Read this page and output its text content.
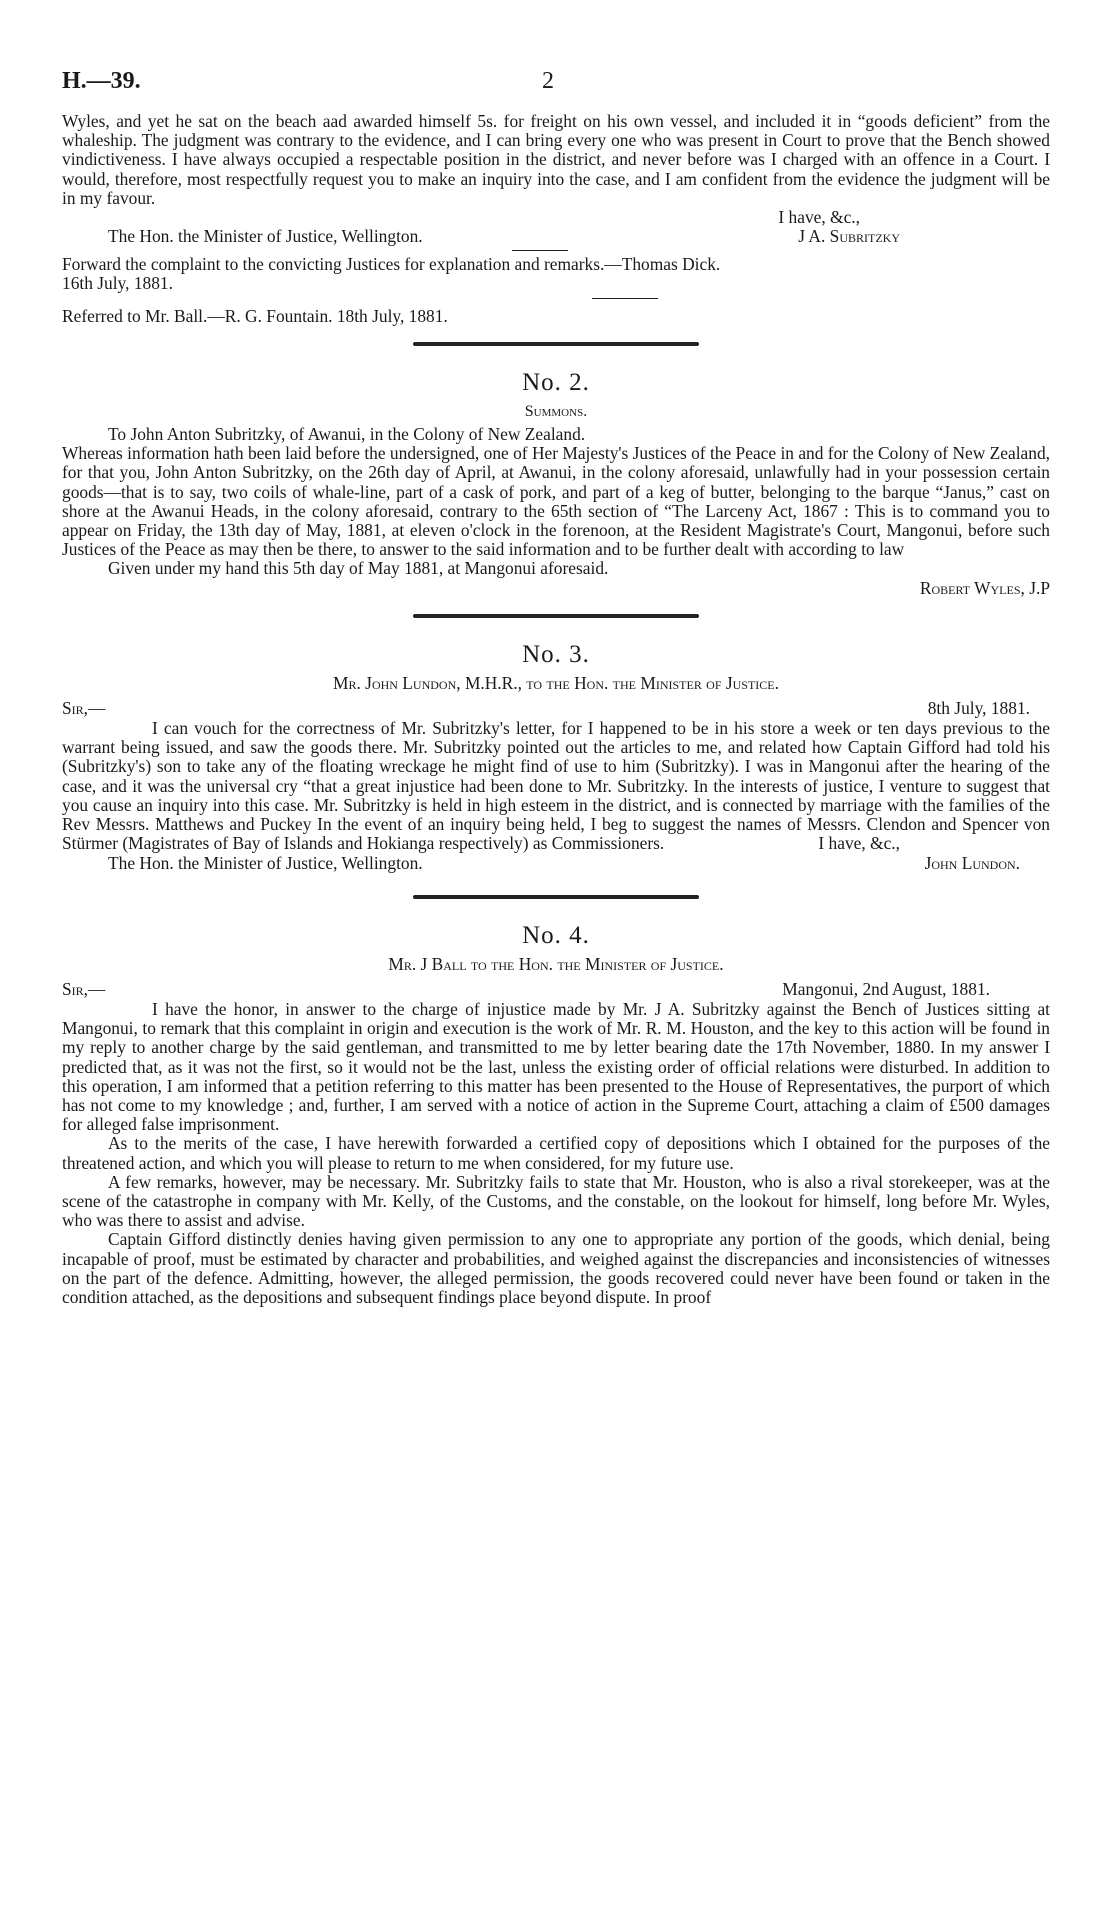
H.—39.	2

Wyles, and yet he sat on the beach aad awarded himself 5s. for freight on his own vessel, and included it in “goods deficient” from the whaleship. The judgment was contrary to the evidence, and I can bring every one who was present in Court to prove that the Bench showed vindictiveness. I have always occupied a respectable position in the district, and never before was I charged with an offence in a Court. I would, therefore, most respectfully request you to make an inquiry into the case, and I am confident from the evidence the judgment will be in my favour.

I have, &c.,

The Hon. the Minister of Justice, Wellington.	J A. Subritzky

Forward the complaint to the convicting Justices for explanation and remarks.—Thomas Dick.

16th July, 1881.

Referred to Mr. Ball.—R. G. Fountain. 18th July, 1881.

No. 2.
Summons.

To John Anton Subritzky, of Awanui, in the Colony of New Zealand.

Whereas information hath been laid before the undersigned, one of Her Majesty's Justices of the Peace in and for the Colony of New Zealand, for that you, John Anton Subritzky, on the 26th day of April, at Awanui, in the colony aforesaid, unlawfully had in your possession certain goods—that is to say, two coils of whale-line, part of a cask of pork, and part of a keg of butter, belonging to the barque “Janus,” cast on shore at the Awanui Heads, in the colony aforesaid, contrary to the 65th section of “The Larceny Act, 1867 : This is to command you to appear on Friday, the 13th day of May, 1881, at eleven o'clock in the forenoon, at the Resident Magistrate's Court, Mangonui, before such Justices of the Peace as may then be there, to answer to the said information and to be further dealt with according to law

Given under my hand this 5th day of May 1881, at Mangonui aforesaid.

Robert Wyles, J.P

No. 3.
Mr. John Lundon, M.H.R., to the Hon. the Minister of Justice.
Sir,—	8th July, 1881.

I can vouch for the correctness of Mr. Subritzky's letter, for I happened to be in his store a week or ten days previous to the warrant being issued, and saw the goods there. Mr. Subritzky pointed out the articles to me, and related how Captain Gifford had told his (Subritzky's) son to take any of the floating wreckage he might find of use to him (Subritzky). I was in Mangonui after the hearing of the case, and it was the universal cry “that a great injustice had been done to Mr. Subritzky. In the interests of justice, I venture to suggest that you cause an inquiry into this case. Mr. Subritzky is held in high esteem in the district, and is connected by marriage with the families of the Rev Messrs. Matthews and Puckey In the event of an inquiry being held, I beg to suggest the names of Messrs. Clendon and Spencer von Stürmer (Magistrates of Bay of Islands and Hokianga respectively) as Commissioners.	I have, &c.,

The Hon. the Minister of Justice, Wellington.	John Lundon.
No. 4.
Mr. J Ball to the Hon. the Minister of Justice.
Sir,—	Mangonui, 2nd August, 1881.

I have the honor, in answer to the charge of injustice made by Mr. J A. Subritzky against the Bench of Justices sitting at Mangonui, to remark that this complaint in origin and execution is the work of Mr. R. M. Houston, and the key to this action will be found in my reply to another charge by the said gentleman, and transmitted to me by letter bearing date the 17th November, 1880. In my answer I predicted that, as it was not the first, so it would not be the last, unless the existing order of official relations were disturbed. In addition to this operation, I am informed that a petition referring to this matter has been presented to the House of Representatives, the purport of which has not come to my knowledge ; and, further, I am served with a notice of action in the Supreme Court, attaching a claim of £500 damages for alleged false imprisonment.

As to the merits of the case, I have herewith forwarded a certified copy of depositions which I obtained for the purposes of the threatened action, and which you will please to return to me when considered, for my future use.

A few remarks, however, may be necessary. Mr. Subritzky fails to state that Mr. Houston, who is also a rival storekeeper, was at the scene of the catastrophe in company with Mr. Kelly, of the Customs, and the constable, on the lookout for himself, long before Mr. Wyles, who was there to assist and advise.

Captain Gifford distinctly denies having given permission to any one to appropriate any portion of the goods, which denial, being incapable of proof, must be estimated by character and probabilities, and weighed against the discrepancies and inconsistencies of witnesses on the part of the defence. Admitting, however, the alleged permission, the goods recovered could never have been found or taken in the condition attached, as the depositions and subsequent findings place beyond dispute. In proof
